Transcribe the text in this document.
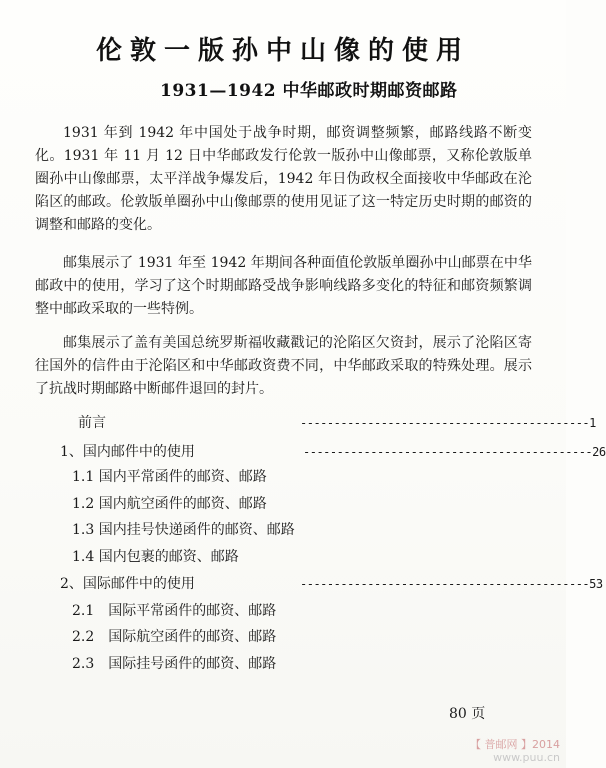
伦敦一版孙中山像的使用
1931—1942 中华邮政时期邮资邮路

1931 年到 1942 年中国处于战争时期，邮资调整频繁，邮路线路不断变化。1931 年 11 月 12 日中华邮政发行伦敦一版孙中山像邮票，又称伦敦版单圈孙中山像邮票，太平洋战争爆发后，1942 年日伪政权全面接收中华邮政在沦陷区的邮政。伦敦版单圈孙中山像邮票的使用见证了这一特定历史时期的邮资的调整和邮路的变化。

邮集展示了 1931 年至 1942 年期间各种面值伦敦版单圈孙中山邮票在中华邮政中的使用，学习了这个时期邮路受战争影响线路多变化的特征和邮资频繁调整中邮政采取的一些特例。

邮集展示了盖有美国总统罗斯福收藏戳记的沦陷区欠资封，展示了沦陷区寄往国外的信件由于沦陷区和中华邮政资费不同，中华邮政采取的特殊处理。展示了抗战时期邮路中断邮件退回的封片。

前言	-------------------------------------------1
1、国内邮件中的使用	-------------------------------------------26
1.1 国内平常函件的邮资、邮路
1.2 国内航空函件的邮资、邮路
1.3 国内挂号快递函件的邮资、邮路
1.4 国内包裹的邮资、邮路
2、国际邮件中的使用	-------------------------------------------53
2.1　国际平常函件的邮资、邮路
2.2　国际航空函件的邮资、邮路
2.3　国际挂号函件的邮资、邮路
80 页
【 普邮网 】2014
www.puu.cn
